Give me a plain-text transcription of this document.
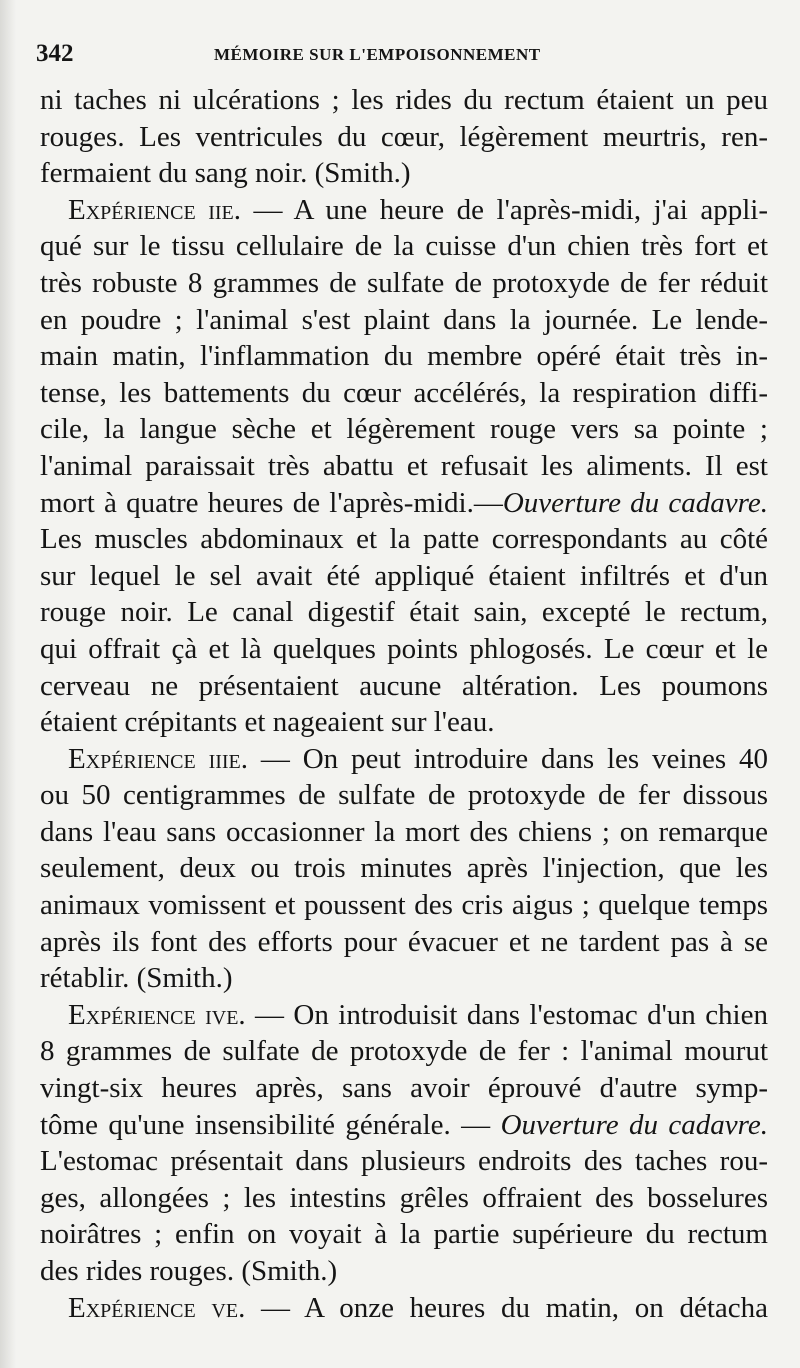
342	MÉMOIRE SUR L'EMPOISONNEMENT
ni taches ni ulcérations ; les rides du rectum étaient un peu
rouges. Les ventricules du cœur, légèrement meurtris, ren-
fermaient du sang noir. (Smith.)
Expérience iie. — A une heure de l'après-midi, j'ai appli-
qué sur le tissu cellulaire de la cuisse d'un chien très fort et
très robuste 8 grammes de sulfate de protoxyde de fer réduit
en poudre ; l'animal s'est plaint dans la journée. Le lende-
main matin, l'inflammation du membre opéré était très in-
tense, les battements du cœur accélérés, la respiration diffi-
cile, la langue sèche et légèrement rouge vers sa pointe ;
l'animal paraissait très abattu et refusait les aliments. Il est
mort à quatre heures de l'après-midi.—Ouverture du cadavre.
Les muscles abdominaux et la patte correspondants au côté
sur lequel le sel avait été appliqué étaient infiltrés et d'un
rouge noir. Le canal digestif était sain, excepté le rectum,
qui offrait çà et là quelques points phlogosés. Le cœur et le
cerveau ne présentaient aucune altération. Les poumons
étaient crépitants et nageaient sur l'eau.
Expérience iiie. — On peut introduire dans les veines 40
ou 50 centigrammes de sulfate de protoxyde de fer dissous
dans l'eau sans occasionner la mort des chiens ; on remarque
seulement, deux ou trois minutes après l'injection, que les
animaux vomissent et poussent des cris aigus ; quelque temps
après ils font des efforts pour évacuer et ne tardent pas à se
rétablir. (Smith.)
Expérience ive. — On introduisit dans l'estomac d'un chien
8 grammes de sulfate de protoxyde de fer : l'animal mourut
vingt-six heures après, sans avoir éprouvé d'autre symp-
tôme qu'une insensibilité générale. — Ouverture du cadavre.
L'estomac présentait dans plusieurs endroits des taches rou-
ges, allongées ; les intestins grêles offraient des bosselures
noirâtres ; enfin on voyait à la partie supérieure du rectum
des rides rouges. (Smith.)
Expérience ve. — A onze heures du matin, on détacha
